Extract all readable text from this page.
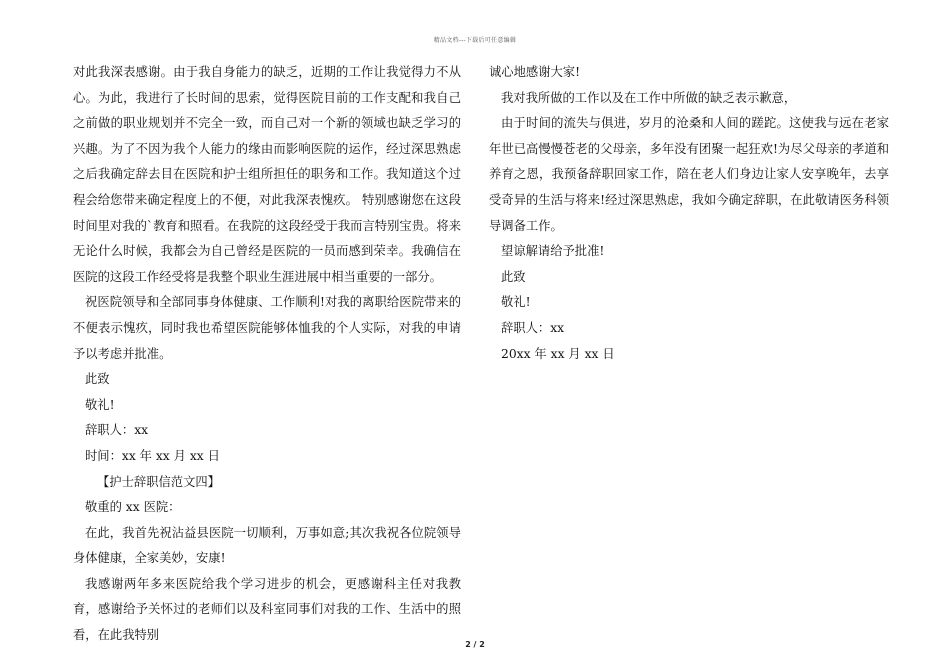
精品文档---下载后可任意编辑

对此我深表感谢。由于我自身能力的缺乏，近期的工作让我觉得力不从心。为此，我进行了长时间的思索，觉得医院目前的工作支配和我自己之前做的职业规划并不完全一致，而自己对一个新的领域也缺乏学习的兴趣。为了不因为我个人能力的缘由而影响医院的运作，经过深思熟虑之后我确定辞去目在医院和护士组所担任的职务和工作。我知道这个过程会给您带来确定程度上的不便，对此我深表愧疚。 特别感谢您在这段时间里对我的`教育和照看。在我院的这段经受于我而言特别宝贵。将来无论什么时候，我都会为自己曾经是医院的一员而感到荣幸。我确信在医院的这段工作经受将是我整个职业生涯进展中相当重要的一部分。

祝医院领导和全部同事身体健康、工作顺利!对我的离职给医院带来的不便表示愧疚，同时我也希望医院能够体恤我的个人实际，对我的申请予以考虑并批准。

此致

敬礼!

辞职人：xx

时间：xx 年 xx 月 xx 日

【护士辞职信范文四】

敬重的 xx 医院：

在此，我首先祝沾益县医院一切顺利，万事如意;其次我祝各位院领导身体健康，全家美妙，安康!

我感谢两年多来医院给我个学习进步的机会，更感谢科主任对我教育，感谢给予关怀过的老师们以及科室同事们对我的工作、生活中的照看，在此我特别

诚心地感谢大家!

我对我所做的工作以及在工作中所做的缺乏表示歉意，

由于时间的流失与俱进，岁月的沧桑和人间的蹉跎。这使我与远在老家年世已高慢慢苍老的父母亲，多年没有团聚一起狂欢!为尽父母亲的孝道和养育之恩，我预备辞职回家工作，陪在老人们身边让家人安享晚年，去享受奇异的生活与将来!经过深思熟虑，我如今确定辞职，在此敬请医务科领导调备工作。

望谅解请给予批准!

此致

敬礼!

辞职人：xx

20xx 年 xx 月 xx 日

2 / 2
